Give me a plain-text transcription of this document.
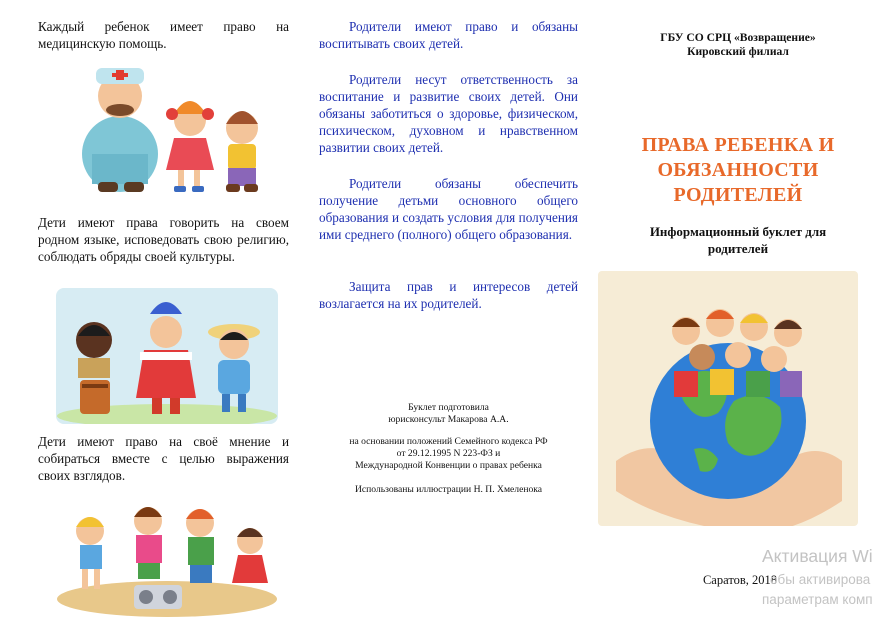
Каждый ребенок имеет право на медицинскую помощь.

Дети имеют права говорить на своем родном языке, исповедовать свою религию, соблюдать обряды своей культуры.

Дети имеют право на своё мнение и собираться вместе с целью выражения своих взглядов.

Родители имеют право и обязаны воспитывать своих детей.

Родители несут ответственность за воспитание и развитие своих детей. Они обязаны заботиться о здоровье, физическом, психическом, духовном и нравственном развитии своих детей.

Родители обязаны обеспечить получение детьми основного общего образования и создать условия для получения ими среднего (полного) общего образования.

Защита прав и интересов детей возлагается на их родителей.

Буклет подготовила
юрисконсульт Макарова А.А.
на основании положений Семейного кодекса РФ
от 29.12.1995 N 223-ФЗ и
Международной Конвенции о правах ребенка
Использованы иллюстрации Н. П. Хмеленока
ГБУ СО СРЦ «Возвращение»
Кировский филиал
ПРАВА РЕБЕНКА И
ОБЯЗАННОСТИ
РОДИТЕЛЕЙ
Информационный буклет для
родителей
Саратов, 2018
Активация Wi
обы активирова
параметрам комп
